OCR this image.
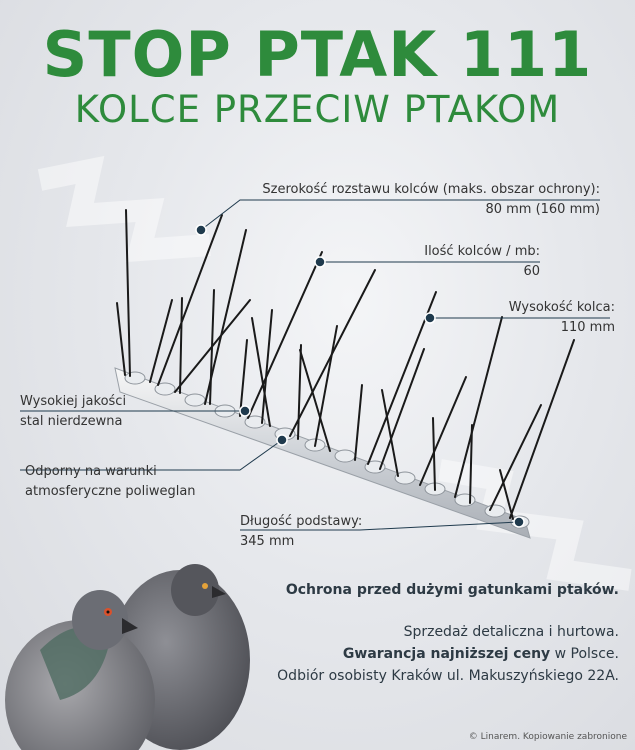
STOP PTAK 111
KOLCE PRZECIW PTAKOM
Szerokość rozstawu kolców (maks. obszar ochrony):
80 mm (160 mm)
Ilość kolców / mb:
60
Wysokość kolca:
110 mm
Wysokiej jakości
stal nierdzewna
Odporny na warunki
atmosferyczne poliweglan
Długość podstawy:
345 mm

Ochrona przed dużymi gatunkami ptaków.

Sprzedaż detaliczna i hurtowa.

Gwarancja najniższej ceny w Polsce.

Odbiór osobisty Kraków ul. Makuszyńskiego 22A.

© Linarem. Kopiowanie zabronione
